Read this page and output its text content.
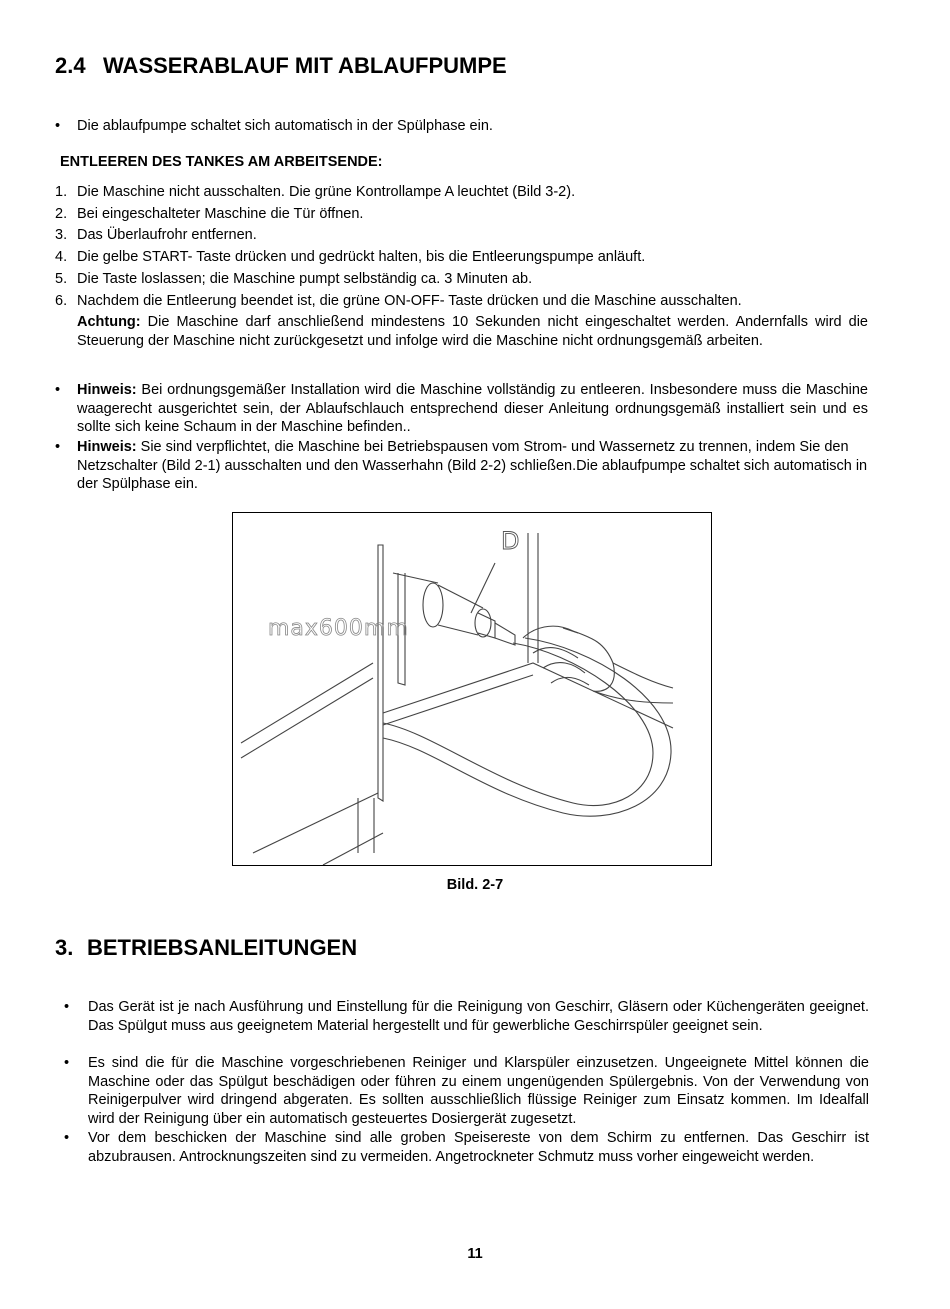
2.4 WASSERABLAUF MIT ABLAUFPUMPE
•	Die ablaufpumpe schaltet sich automatisch in der Spülphase ein.
ENTLEEREN DES TANKES AM ARBEITSENDE:
1. Die Maschine nicht ausschalten. Die grüne Kontrollampe A leuchtet (Bild 3-2).
2. Bei eingeschalteter Maschine die Tür öffnen.
3. Das Überlaufrohr entfernen.
4. Die gelbe START- Taste drücken und gedrückt halten, bis die Entleerungspumpe anläuft.
5. Die Taste loslassen; die Maschine pumpt selbständig ca. 3 Minuten ab.
6. Nachdem die Entleerung beendet ist, die grüne ON-OFF- Taste drücken und die Maschine ausschalten.
Achtung: Die Maschine darf anschließend mindestens 10 Sekunden nicht eingeschaltet werden. Andernfalls wird die Steuerung der Maschine nicht zurückgesetzt und infolge wird die Maschine nicht ordnungsgemäß arbeiten.
•	Hinweis: Bei ordnungsgemäßer Installation wird die Maschine vollständig zu entleeren. Insbesondere muss die Maschine waagerecht ausgerichtet sein, der Ablaufschlauch entsprechend dieser Anleitung ordnungsgemäß installiert sein und es sollte sich keine Schaum in der Maschine befinden..
•	Hinweis: Sie sind verpflichtet, die Maschine bei Betriebspausen vom Strom- und Wassernetz zu trennen, indem Sie den Netzschalter (Bild 2-1) ausschalten und den Wasserhahn (Bild 2-2) schließen.Die ablaufpumpe schaltet sich automatisch in der Spülphase ein.
D
max600mm
Bild. 2-7
3. BETRIEBSANLEITUNGEN
•	Das Gerät ist je nach Ausführung und Einstellung für die Reinigung von Geschirr, Gläsern oder Küchengeräten geeignet. Das Spülgut muss aus geeignetem Material hergestellt und für gewerbliche Geschirrspüler geeignet sein.
•	Es sind die für die Maschine vorgeschriebenen Reiniger und Klarspüler einzusetzen. Ungeeignete Mittel können die Maschine oder das Spülgut beschädigen oder führen zu einem ungenügenden Spülergebnis. Von der Verwendung von Reinigerpulver wird dringend abgeraten. Es sollten ausschließlich flüssige Reiniger zum Einsatz kommen. Im Idealfall wird der Reinigung über ein automatisch gesteuertes Dosiergerät zugesetzt.
•	Vor dem beschicken der Maschine sind alle groben Speisereste von dem Schirm zu entfernen. Das Geschirr ist abzubrausen. Antrocknungszeiten sind zu vermeiden. Angetrockneter Schmutz muss vorher eingeweicht werden.
11
